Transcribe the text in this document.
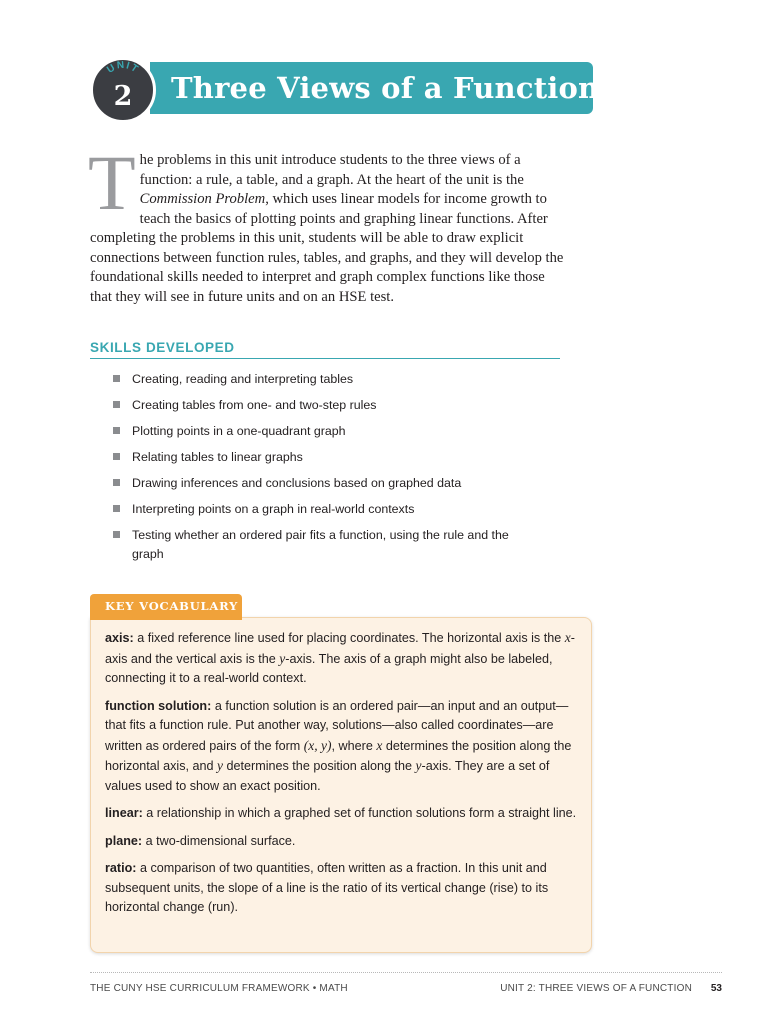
Three Views of a Function
UNIT
2
The problems in this unit introduce students to the three views of a function: a rule, a table, and a graph. At the heart of the unit is the Commission Problem, which uses linear models for income growth to teach the basics of plotting points and graphing linear functions. After completing the problems in this unit, students will be able to draw explicit connections between function rules, tables, and graphs, and they will develop the foundational skills needed to interpret and graph complex functions like those that they will see in future units and on an HSE test.
SKILLS DEVELOPED
Creating, reading and interpreting tables
Creating tables from one- and two-step rules
Plotting points in a one-quadrant graph
Relating tables to linear graphs
Drawing inferences and conclusions based on graphed data
Interpreting points on a graph in real-world contexts
Testing whether an ordered pair fits a function, using the rule and the graph
KEY VOCABULARY

axis: a fixed reference line used for placing coordinates. The horizontal axis is the x-axis and the vertical axis is the y-axis. The axis of a graph might also be labeled, connecting it to a real-world context.

function solution: a function solution is an ordered pair—an input and an output—that fits a function rule. Put another way, solutions—also called coordinates—are written as ordered pairs of the form (x, y), where x determines the position along the horizontal axis, and y determines the position along the y-axis. They are a set of values used to show an exact position.

linear: a relationship in which a graphed set of function solutions form a straight line.

plane: a two-dimensional surface.

ratio: a comparison of two quantities, often written as a fraction. In this unit and subsequent units, the slope of a line is the ratio of its vertical change (rise) to its horizontal change (run).

THE CUNY HSE CURRICULUM FRAMEWORK • MATH	UNIT 2: THREE VIEWS OF A FUNCTION 53
